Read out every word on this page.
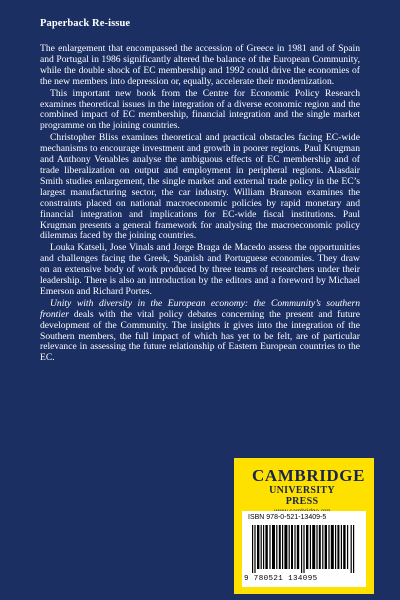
Paperback Re-issue

The enlargement that encompassed the accession of Greece in 1981 and of Spain and Portugal in 1986 significantly altered the balance of the European Community, while the double shock of EC membership and 1992 could drive the economies of the new members into depression or, equally, accelerate their modernization.

This important new book from the Centre for Economic Policy Research examines theoretical issues in the integration of a diverse economic region and the combined impact of EC membership, financial integration and the single market programme on the joining countries.

Christopher Bliss examines theoretical and practical obstacles facing EC-wide mechanisms to encourage investment and growth in poorer regions. Paul Krugman and Anthony Venables analyse the ambiguous effects of EC membership and of trade liberalization on output and employment in peripheral regions. Alasdair Smith studies enlargement, the single market and external trade policy in the EC’s largest manufacturing sector, the car industry. William Branson examines the constraints placed on national macroeconomic policies by rapid monetary and financial integration and implications for EC-wide fiscal institutions. Paul Krugman presents a general framework for analysing the macroeconomic policy dilemmas faced by the joining countries.

Louka Katseli, Jose Vinals and Jorge Braga de Macedo assess the opportunities and challenges facing the Greek, Spanish and Portuguese economies. They draw on an extensive body of work produced by three teams of researchers under their leadership. There is also an introduction by the editors and a foreword by Michael Emerson and Richard Portes.

Unity with diversity in the European economy: the Community’s southern frontier deals with the vital policy debates concerning the present and future development of the Community. The insights it gives into the integration of the Southern members, the full impact of which has yet to be felt, are of particular relevance in assessing the future relationship of Eastern European countries to the EC.

CAMBRIDGE
UNIVERSITY PRESS
ISBN 978-0-521-13409-5
9 780521 134095
